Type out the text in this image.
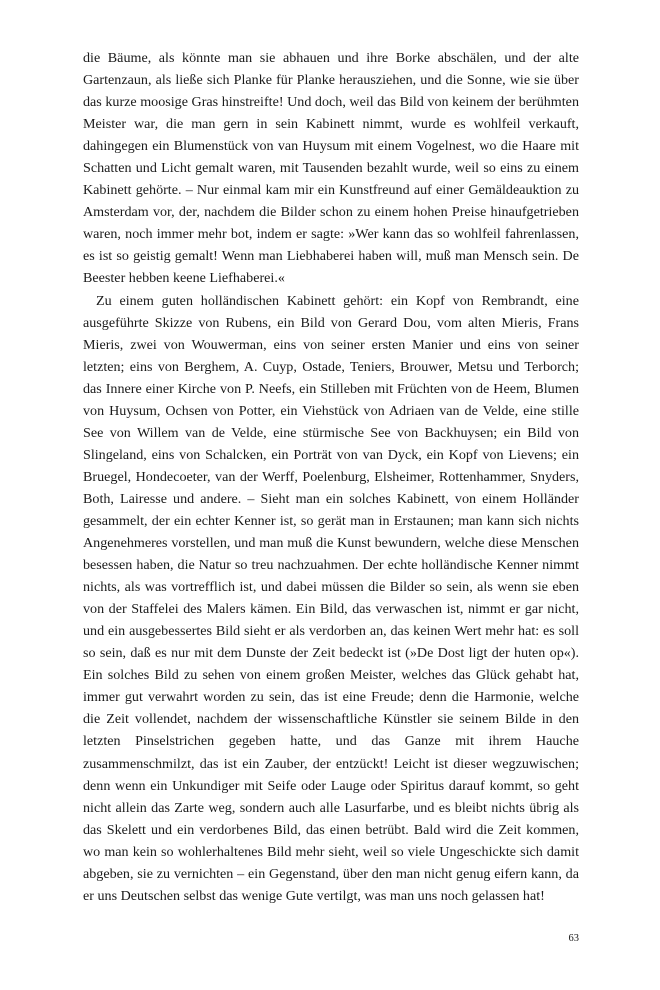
die Bäume, als könnte man sie abhauen und ihre Borke abschälen, und der alte Gartenzaun, als ließe sich Planke für Planke herausziehen, und die Sonne, wie sie über das kurze moosige Gras hinstreifte! Und doch, weil das Bild von keinem der berühmten Meister war, die man gern in sein Kabinett nimmt, wurde es wohlfeil verkauft, dahingegen ein Blumenstück von van Huysum mit einem Vogelnest, wo die Haare mit Schatten und Licht gemalt waren, mit Tausenden bezahlt wurde, weil so eins zu einem Kabinett gehörte. – Nur einmal kam mir ein Kunstfreund auf einer Gemäldeauktion zu Amsterdam vor, der, nachdem die Bilder schon zu einem hohen Preise hinaufgetrieben waren, noch immer mehr bot, indem er sagte: »Wer kann das so wohlfeil fahrenlassen, es ist so geistig gemalt! Wenn man Liebhaberei haben will, muß man Mensch sein. De Beester hebben keene Liefhaberei.«

Zu einem guten holländischen Kabinett gehört: ein Kopf von Rembrandt, eine ausgeführte Skizze von Rubens, ein Bild von Gerard Dou, vom alten Mieris, Frans Mieris, zwei von Wouwerman, eins von seiner ersten Manier und eins von seiner letzten; eins von Berghem, A. Cuyp, Ostade, Teniers, Brouwer, Metsu und Terborch; das Innere einer Kirche von P. Neefs, ein Stilleben mit Früchten von de Heem, Blumen von Huysum, Ochsen von Potter, ein Viehstück von Adriaen van de Velde, eine stille See von Willem van de Velde, eine stürmische See von Backhuysen; ein Bild von Slingeland, eins von Schalcken, ein Porträt von van Dyck, ein Kopf von Lievens; ein Bruegel, Hondecoeter, van der Werff, Poelenburg, Elsheimer, Rottenhammer, Snyders, Both, Lairesse und andere. – Sieht man ein solches Kabinett, von einem Holländer gesammelt, der ein echter Kenner ist, so gerät man in Erstaunen; man kann sich nichts Angenehmeres vorstellen, und man muß die Kunst bewundern, welche diese Menschen besessen haben, die Natur so treu nachzuahmen. Der echte holländische Kenner nimmt nichts, als was vortrefflich ist, und dabei müssen die Bilder so sein, als wenn sie eben von der Staffelei des Malers kämen. Ein Bild, das verwaschen ist, nimmt er gar nicht, und ein ausgebessertes Bild sieht er als verdorben an, das keinen Wert mehr hat: es soll so sein, daß es nur mit dem Dunste der Zeit bedeckt ist (»De Dost ligt der huten op«). Ein solches Bild zu sehen von einem großen Meister, welches das Glück gehabt hat, immer gut verwahrt worden zu sein, das ist eine Freude; denn die Harmonie, welche die Zeit vollendet, nachdem der wissenschaftliche Künstler sie seinem Bilde in den letzten Pinselstrichen gegeben hatte, und das Ganze mit ihrem Hauche zusammenschmilzt, das ist ein Zauber, der entzückt! Leicht ist dieser wegzuwischen; denn wenn ein Unkundiger mit Seife oder Lauge oder Spiritus darauf kommt, so geht nicht allein das Zarte weg, sondern auch alle Lasurfarbe, und es bleibt nichts übrig als das Skelett und ein verdorbenes Bild, das einen betrübt. Bald wird die Zeit kommen, wo man kein so wohlerhaltenes Bild mehr sieht, weil so viele Ungeschickte sich damit abgeben, sie zu vernichten – ein Gegenstand, über den man nicht genug eifern kann, da er uns Deutschen selbst das wenige Gute vertilgt, was man uns noch gelassen hat!

63
